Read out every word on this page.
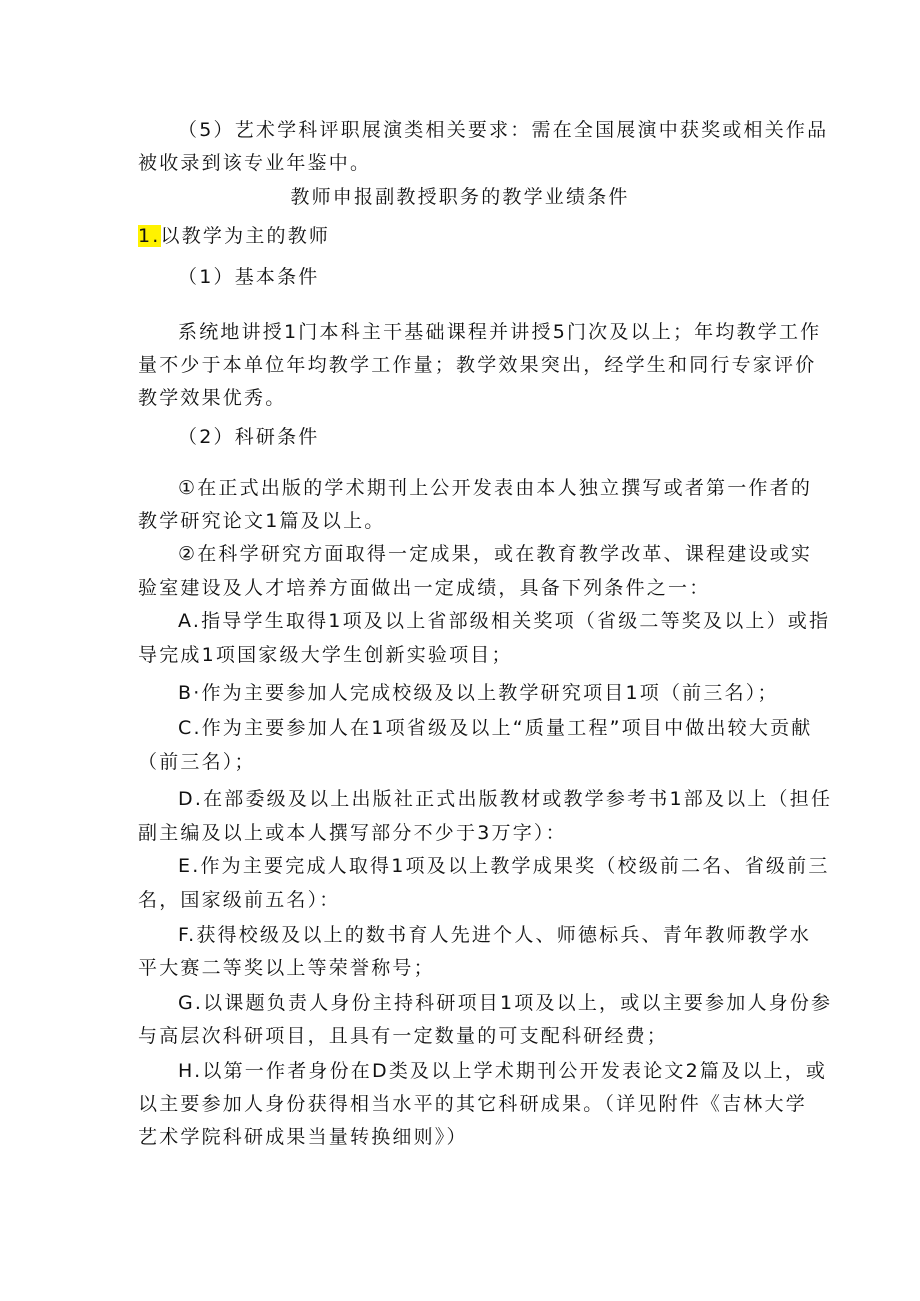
（5）艺术学科评职展演类相关要求：需在全国展演中获奖或相关作品
被收录到该专业年鉴中。
教师申报副教授职务的教学业绩条件
1.以教学为主的教师
（1）基本条件
系统地讲授1门本科主干基础课程并讲授5门次及以上；年均教学工作
量不少于本单位年均教学工作量；教学效果突出，经学生和同行专家评价
教学效果优秀。
（2）科研条件
①在正式出版的学术期刊上公开发表由本人独立撰写或者第一作者的
教学研究论文1篇及以上。
②在科学研究方面取得一定成果，或在教育教学改革、课程建设或实
验室建设及人才培养方面做出一定成绩，具备下列条件之一：
A.指导学生取得1项及以上省部级相关奖项（省级二等奖及以上）或指
导完成1项国家级大学生创新实验项目；
B·作为主要参加人完成校级及以上教学研究项目1项（前三名）；
C.作为主要参加人在1项省级及以上“质量工程”项目中做出较大贡献
（前三名）；
D.在部委级及以上出版社正式出版教材或教学参考书1部及以上（担任
副主编及以上或本人撰写部分不少于3万字）：
E.作为主要完成人取得1项及以上教学成果奖（校级前二名、省级前三
名，国家级前五名）：
F.获得校级及以上的数书育人先进个人、师德标兵、青年教师教学水
平大赛二等奖以上等荣誉称号；
G.以课题负责人身份主持科研项目1项及以上，或以主要参加人身份参
与高层次科研项目，且具有一定数量的可支配科研经费；
H.以第一作者身份在D类及以上学术期刊公开发表论文2篇及以上，或
以主要参加人身份获得相当水平的其它科研成果。（详见附件《吉林大学
艺术学院科研成果当量转换细则》）
